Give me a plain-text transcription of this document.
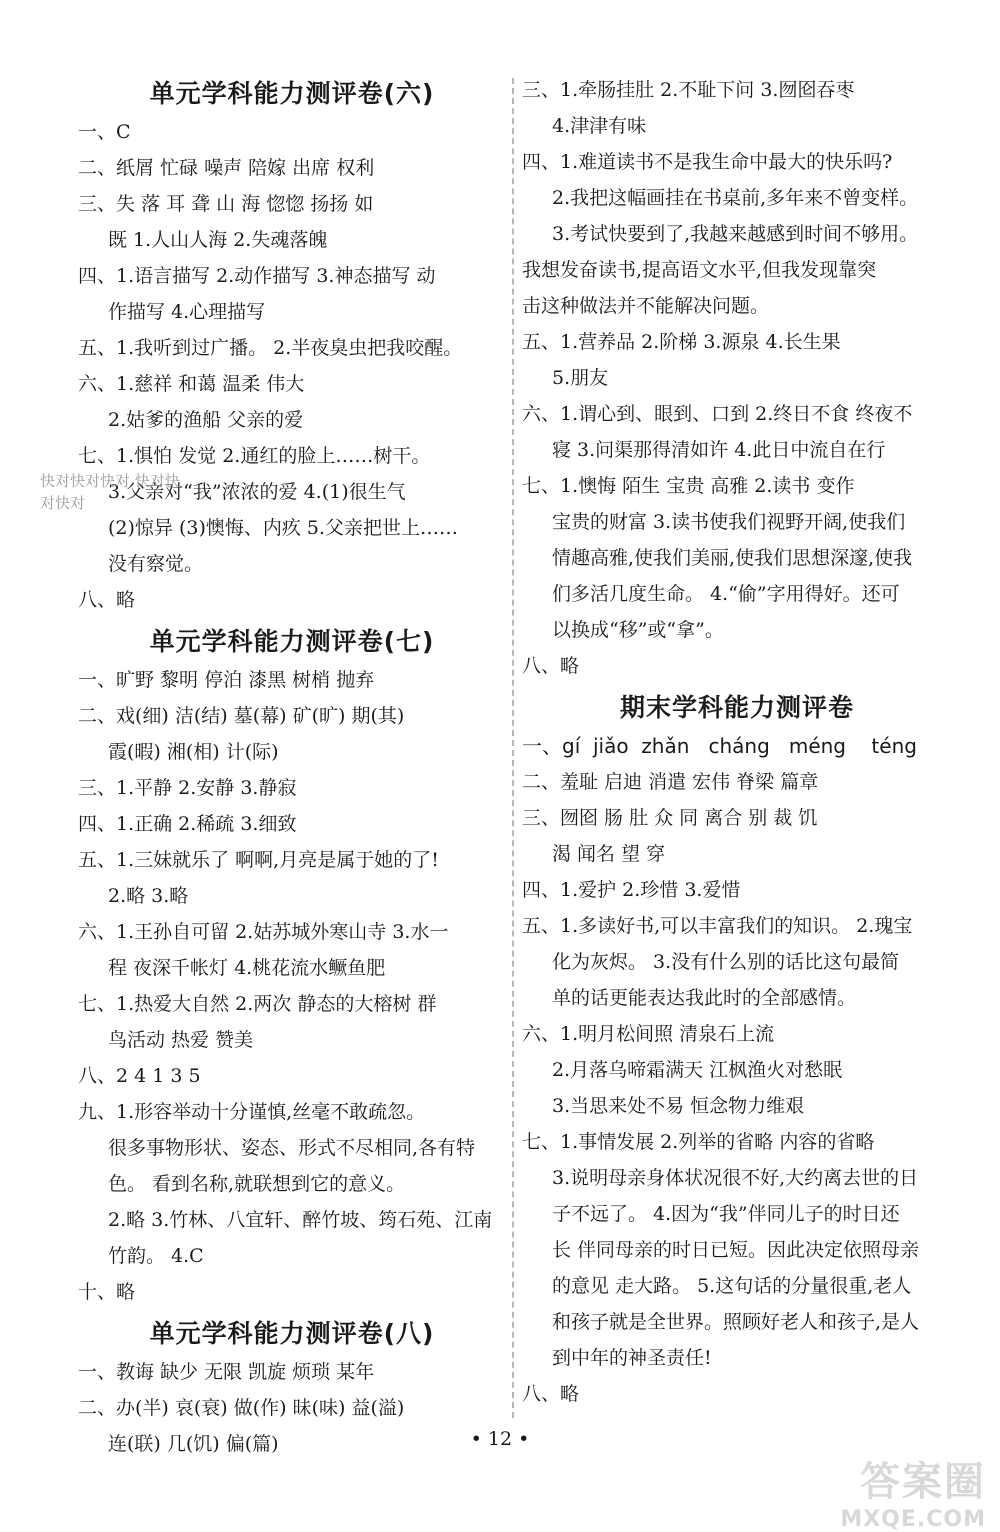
单元学科能力测评卷(六)
一、C
二、纸屑 忙碌 噪声 陪嫁 出席 权利
三、失 落 耳 聋 山 海 惚惚 扬扬 如
既 1.人山人海 2.失魂落魄
四、1.语言描写 2.动作描写 3.神态描写 动
作描写 4.心理描写
五、1.我听到过广播。 2.半夜臭虫把我咬醒。
六、1.慈祥 和蔼 温柔 伟大
2.姑爹的渔船 父亲的爱
七、1.惧怕 发觉 2.通红的脸上……树干。
3.父亲对“我”浓浓的爱 4.(1)很生气
(2)惊异 (3)懊悔、内疚 5.父亲把世上……
没有察觉。
八、略
单元学科能力测评卷(七)
一、旷野 黎明 停泊 漆黑 树梢 抛弃
二、戏(细) 洁(结) 墓(幕) 矿(旷) 期(其)
霞(暇) 湘(相) 计(际)
三、1.平静 2.安静 3.静寂
四、1.正确 2.稀疏 3.细致
五、1.三妹就乐了 啊啊,月亮是属于她的了!
2.略 3.略
六、1.王孙自可留 2.姑苏城外寒山寺 3.水一
程 夜深千帐灯 4.桃花流水鳜鱼肥
七、1.热爱大自然 2.两次 静态的大榕树 群
鸟活动 热爱 赞美
八、2 4 1 3 5
九、1.形容举动十分谨慎,丝毫不敢疏忽。
很多事物形状、姿态、形式不尽相同,各有特
色。 看到名称,就联想到它的意义。
2.略 3.竹林、八宜轩、醉竹坡、筠石苑、江南
竹韵。 4.C
十、略
单元学科能力测评卷(八)
一、教诲 缺少 无限 凯旋 烦琐 某年
二、办(半) 哀(衰) 做(作) 昧(味) 益(溢)
连(联) 几(饥) 偏(篇)
三、1.牵肠挂肚 2.不耻下问 3.囫囵吞枣
4.津津有味
四、1.难道读书不是我生命中最大的快乐吗?
2.我把这幅画挂在书桌前,多年来不曾变样。
3.考试快要到了,我越来越感到时间不够用。
我想发奋读书,提高语文水平,但我发现靠突
击这种做法并不能解决问题。
五、1.营养品 2.阶梯 3.源泉 4.长生果
5.朋友
六、1.谓心到、眼到、口到 2.终日不食 终夜不
寝 3.问渠那得清如许 4.此日中流自在行
七、1.懊悔 陌生 宝贵 高雅 2.读书 变作
宝贵的财富 3.读书使我们视野开阔,使我们
情趣高雅,使我们美丽,使我们思想深邃,使我
们多活几度生命。 4.“偷”字用得好。还可
以换成“移”或“拿”。
八、略
期末学科能力测评卷
一、gí  jiǎo  zhǎn   cháng   méng    téng
二、羞耻 启迪 消遣 宏伟 脊梁 篇章
三、囫囵 肠 肚 众 同 离合 别 裁 饥
渴 闻名 望 穿
四、1.爱护 2.珍惜 3.爱惜
五、1.多读好书,可以丰富我们的知识。 2.瑰宝
化为灰烬。 3.没有什么别的话比这句最简
单的话更能表达我此时的全部感情。
六、1.明月松间照 清泉石上流
2.月落乌啼霜满天 江枫渔火对愁眠
3.当思来处不易 恒念物力维艰
七、1.事情发展 2.列举的省略 内容的省略
3.说明母亲身体状况很不好,大约离去世的日
子不远了。 4.因为“我”伴同儿子的时日还
长 伴同母亲的时日已短。因此决定依照母亲
的意见 走大路。 5.这句话的分量很重,老人
和孩子就是全世界。照顾好老人和孩子,是人
到中年的神圣责任!
八、略
快对快对快对 快对快对快对
• 12 •
答案圈
MXQE.COM
